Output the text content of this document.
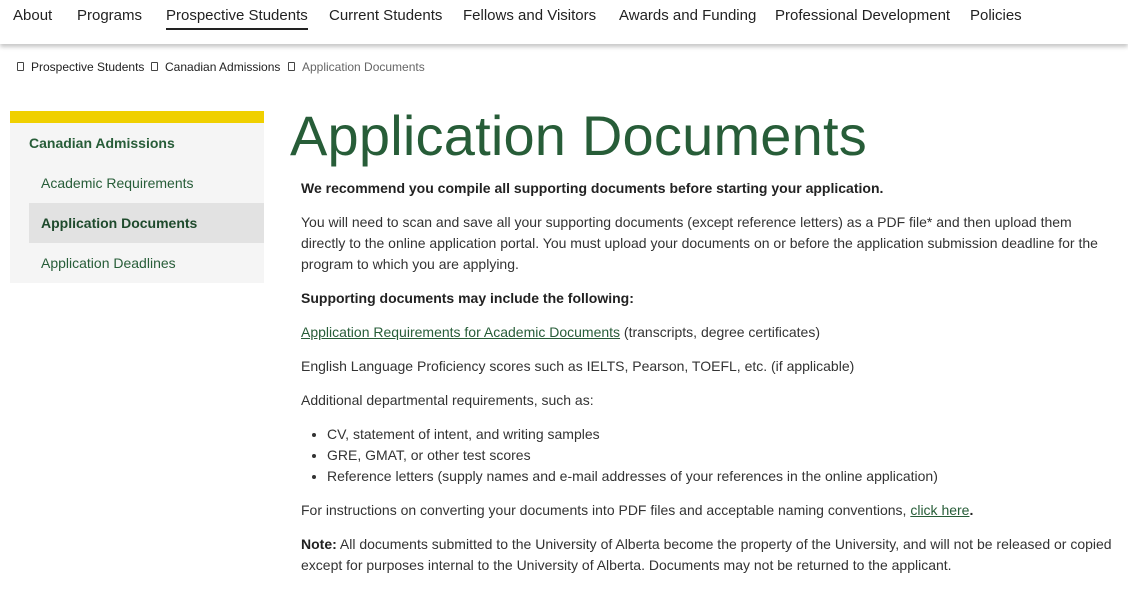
About Programs Prospective Students Current Students Fellows and Visitors Awards and Funding Professional Development Policies
Prospective Students Canadian Admissions Application Documents
Canadian Admissions
Academic Requirements
Application Documents
Application Deadlines
Application Documents

We recommend you compile all supporting documents before starting your application.

You will need to scan and save all your supporting documents (except reference letters) as a PDF file* and then upload them directly to the online application portal. You must upload your documents on or before the application submission deadline for the program to which you are applying.

Supporting documents may include the following:

Application Requirements for Academic Documents (transcripts, degree certificates)

English Language Proficiency scores such as IELTS, Pearson, TOEFL, etc. (if applicable)

Additional departmental requirements, such as:

• CV, statement of intent, and writing samples
• GRE, GMAT, or other test scores
• Reference letters (supply names and e-mail addresses of your references in the online application)

For instructions on converting your documents into PDF files and acceptable naming conventions, click here.

Note: All documents submitted to the University of Alberta become the property of the University, and will not be released or copied except for purposes internal to the University of Alberta. Documents may not be returned to the applicant.
